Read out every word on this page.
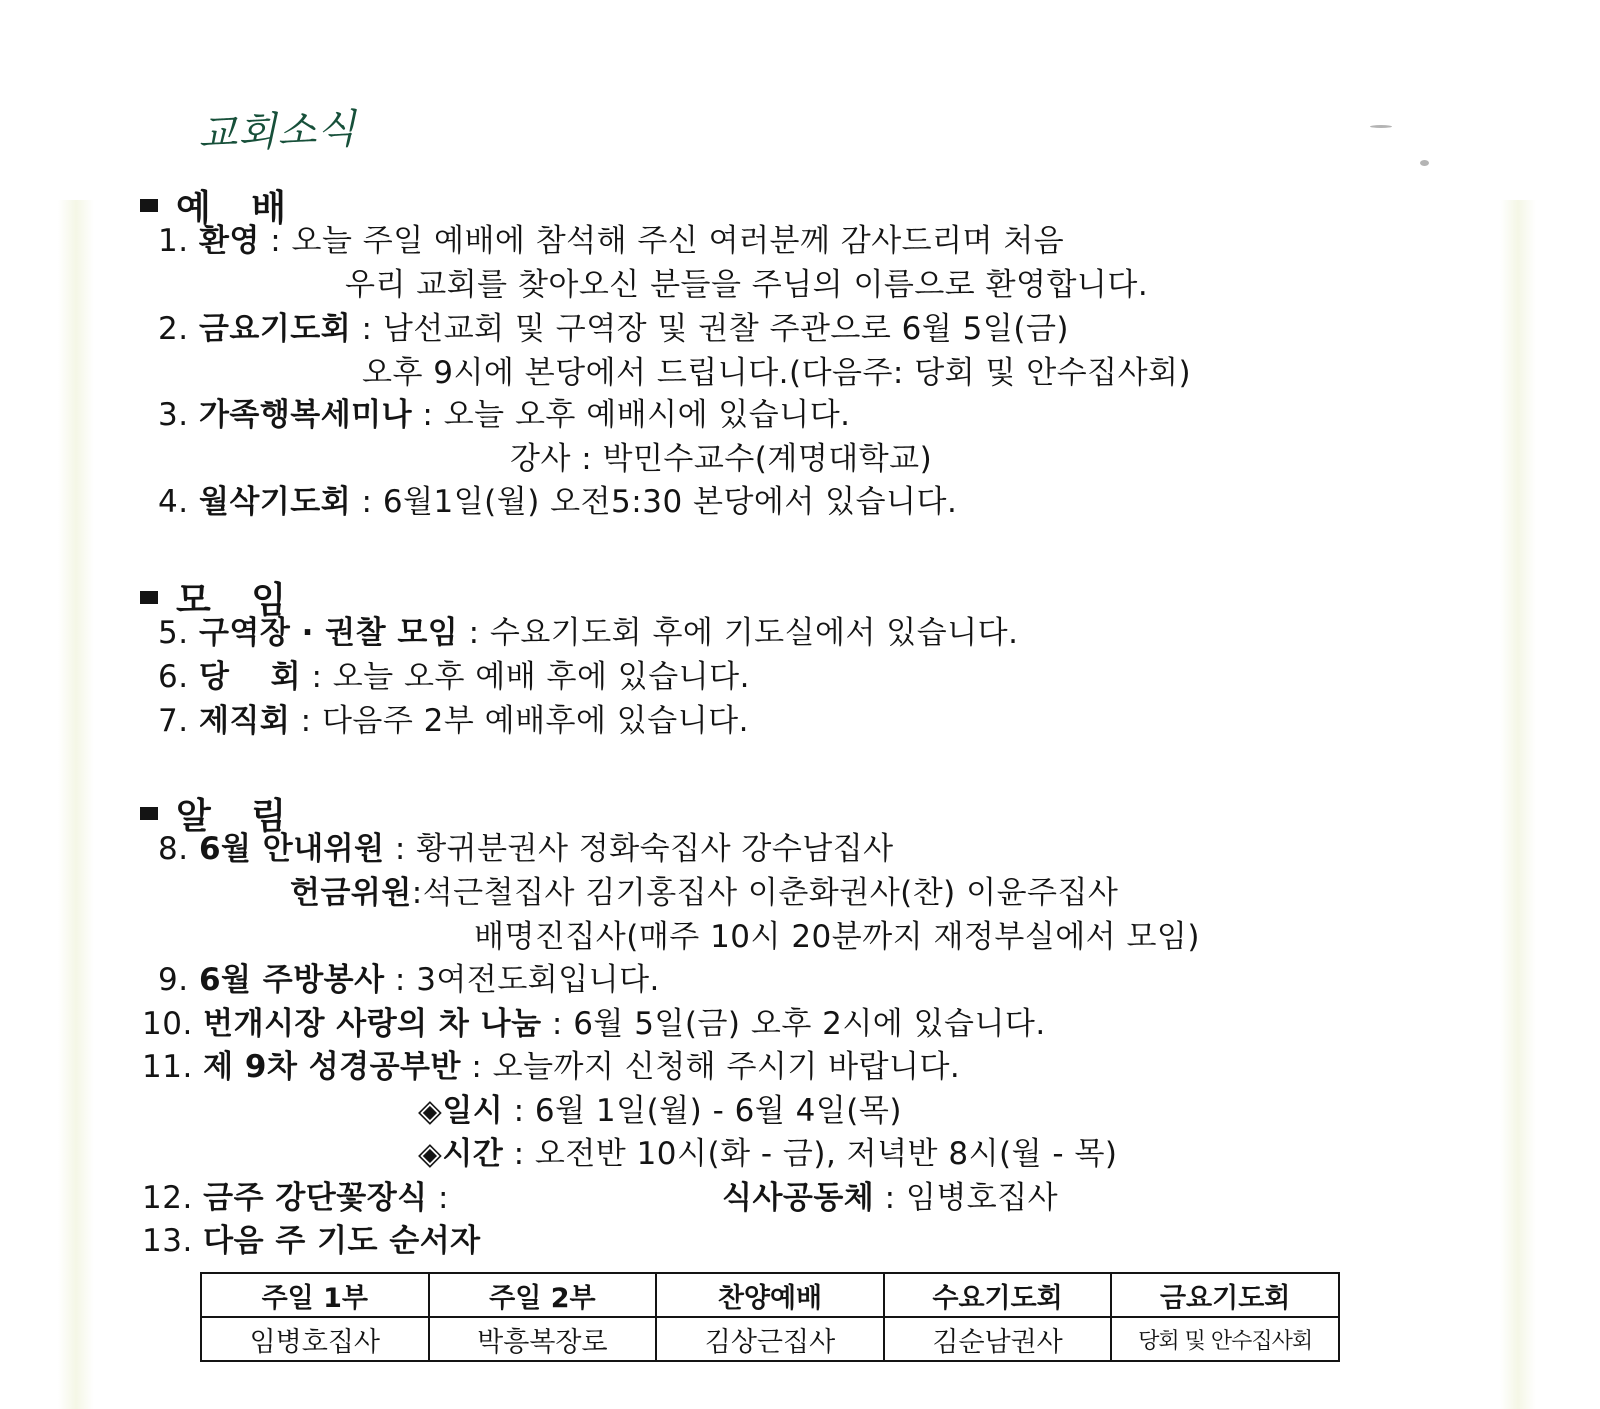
교회소식
예 배
1. 환영 : 오늘 주일 예배에 참석해 주신 여러분께 감사드리며 처음
우리 교회를 찾아오신 분들을 주님의 이름으로 환영합니다.
2. 금요기도회 : 남선교회 및 구역장 및 권찰 주관으로 6월 5일(금)
오후 9시에 본당에서 드립니다.(다음주: 당회 및 안수집사회)
3. 가족행복세미나 : 오늘 오후 예배시에 있습니다.
강사 : 박민수교수(계명대학교)
4. 월삭기도회 : 6월1일(월) 오전5:30 본당에서 있습니다.
모 임
5. 구역장 · 권찰 모임 : 수요기도회 후에 기도실에서 있습니다.
6. 당 회 : 오늘 오후 예배 후에 있습니다.
7. 제직회 : 다음주 2부 예배후에 있습니다.
알 림
8. 6월 안내위원 : 황귀분권사 정화숙집사 강수남집사
헌금위원:석근철집사 김기홍집사 이춘화권사(찬) 이윤주집사
배명진집사(매주 10시 20분까지 재정부실에서 모임)
9. 6월 주방봉사 : 3여전도회입니다.
10. 번개시장 사랑의 차 나눔 : 6월 5일(금) 오후 2시에 있습니다.
11. 제 9차 성경공부반 : 오늘까지 신청해 주시기 바랍니다.
◈일시 : 6월 1일(월) - 6월 4일(목)
◈시간 : 오전반 10시(화 - 금), 저녁반 8시(월 - 목)
12. 금주 강단꽃장식 :	식사공동체 : 임병호집사
13. 다음 주 기도 순서자
주일 1부	주일 2부	찬양예배	수요기도회	금요기도회
임병호집사	박흥복장로	김상근집사	김순남권사	당회 및 안수집사회
